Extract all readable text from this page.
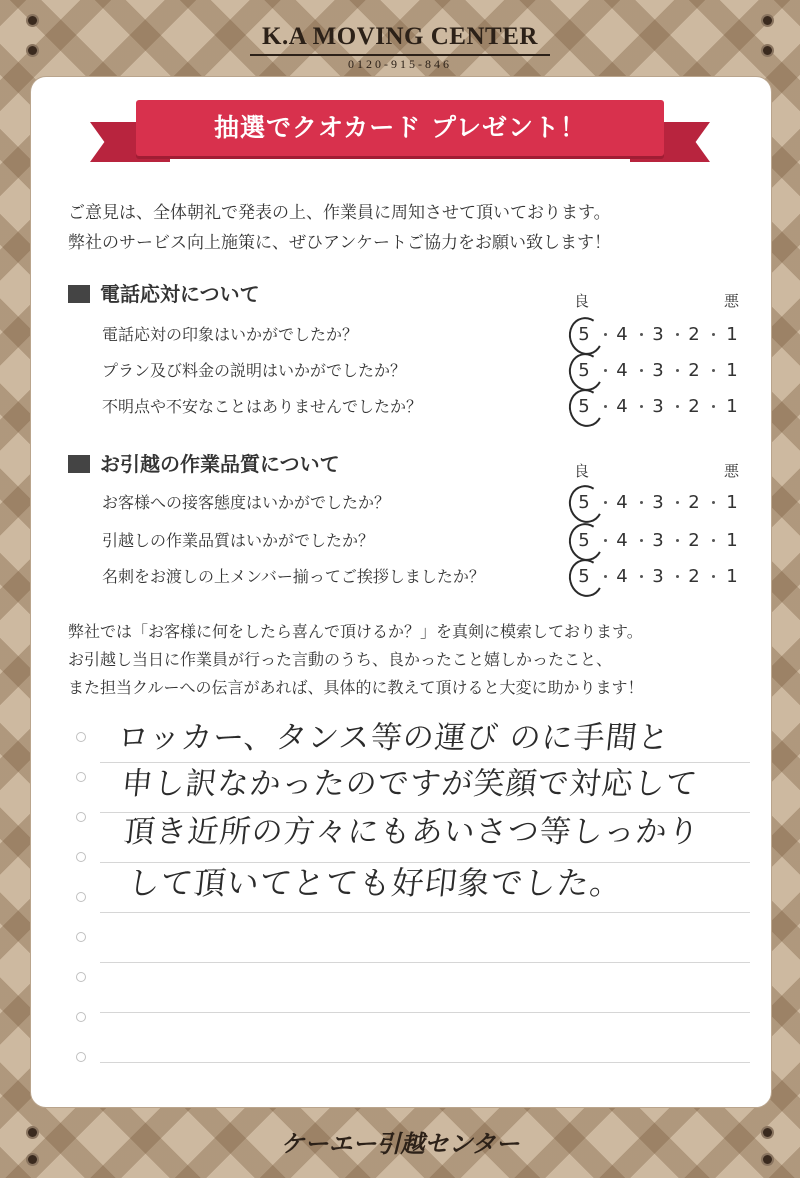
K.A MOVING CENTER
0120-915-846
抽選でクオカード プレゼント！
ご意見は、全体朝礼で発表の上、作業員に周知させて頂いております。
弊社のサービス向上施策に、ぜひアンケートご協力をお願い致します！
電話応対について	良	悪
電話応対の印象はいかがでしたか？	5 4 3 2 1
プラン及び料金の説明はいかがでしたか？	5 4 3 2 1
不明点や不安なことはありませんでしたか？	5 4 3 2 1
お引越の作業品質について	良	悪
お客様への接客態度はいかがでしたか？	5 4 3 2 1
引越しの作業品質はいかがでしたか？	5 4 3 2 1
名刺をお渡しの上メンバー揃ってご挨拶しましたか？	5 4 3 2 1
弊社では「お客様に何をしたら喜んで頂けるか？」を真剣に模索しております。
お引越し当日に作業員が行った言動のうち、良かったこと嬉しかったこと、
また担当クルーへの伝言があれば、具体的に教えて頂けると大変に助かります！
ロッカー、タンス等の運び のに手間と
申し訳なかったのですが笑顔で対応して
頂き近所の方々にもあいさつ等しっかり
して頂いてとても好印象でした。
ケーエー引越センター
